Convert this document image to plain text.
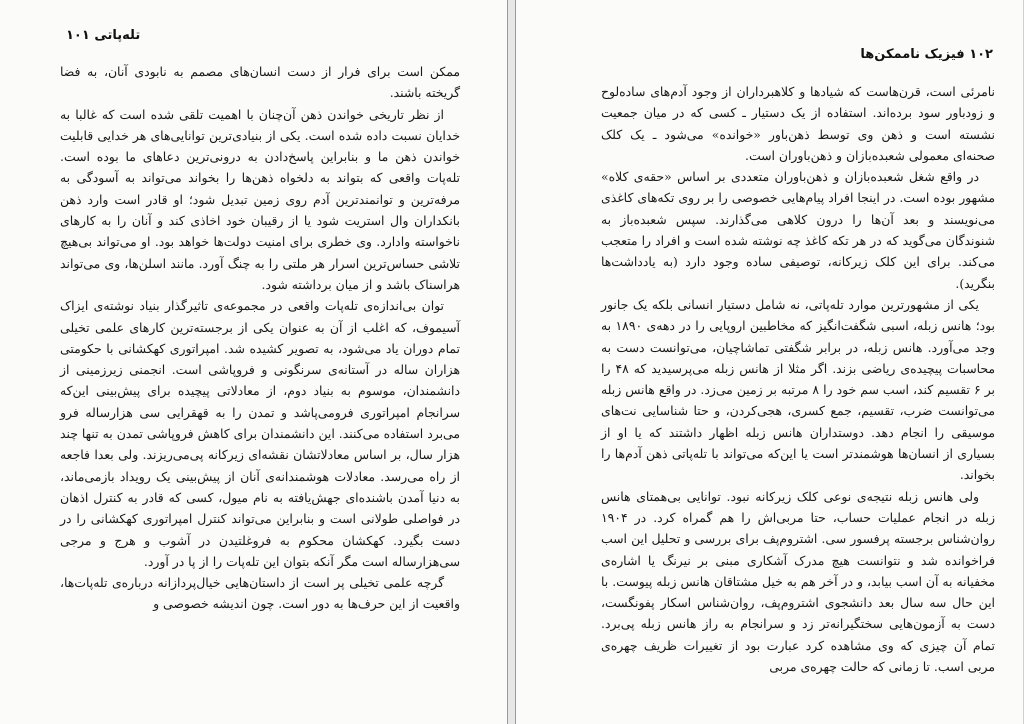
تله‌پاتی ۱۰۱

ممکن است برای فرار از دست انسان‌های مصمم به نابودی آنان، به فضا گریخته باشند.

از نظر تاریخی خواندن ذهن آن‌چنان با اهمیت تلقی شده است که غالبا به خدایان نسبت داده شده است. یکی از بنیادی‌ترین توانایی‌های هر خدایی قابلیت خواندن ذهن ما و بنابراین پاسخ‌دادن به درونی‌ترین دعاهای ما بوده است. تله‌پات واقعی که بتواند به دلخواه ذهن‌ها را بخواند می‌تواند به آسودگی به مرفه‌ترین و توانمندترین آدم روی زمین تبدیل شود؛ او قادر است وارد ذهن بانکداران وال استریت شود یا از رقیبان خود اخاذی کند و آنان را به کارهای ناخواسته وادارد. وی خطری برای امنیت دولت‌ها خواهد بود. او می‌تواند بی‌هیچ تلاشی حساس‌ترین اسرار هر ملتی را به چنگ آورد. مانند اسلن‌ها، وی می‌تواند هراسناک باشد و از میان برداشته شود.

توان بی‌اندازه‌ی تله‌پات واقعی در مجموعه‌ی تاثیرگذار بنیاد نوشته‌ی ایزاک آسیموف، که اغلب از آن به عنوان یکی از برجسته‌ترین کارهای علمی تخیلی تمام دوران یاد می‌شود، به تصویر کشیده شد. امپراتوری کهکشانی با حکومتی هزاران ساله در آستانه‌ی سرنگونی و فروپاشی است. انجمنی زیرزمینی از دانشمندان، موسوم به بنیاد دوم، از معادلاتی پیچیده برای پیش‌بینی این‌که سرانجام امپراتوری فرومی‌پاشد و تمدن را به قهقرایی سی هزارساله فرو می‌برد استفاده می‌کنند. این دانشمندان برای کاهش فروپاشی تمدن به تنها چند هزار سال، بر اساس معادلاتشان نقشه‌ای زیرکانه پی‌می‌ریزند. ولی بعدا فاجعه از راه می‌رسد. معادلات هوشمندانه‌ی آنان از پیش‌بینی یک رویداد بازمی‌ماند، به دنیا آمدن باشنده‌ای جهش‌یافته به نام میول، کسی که قادر به کنترل اذهان در فواصلی طولانی است و بنابراین می‌تواند کنترل امپراتوری کهکشانی را در دست بگیرد. کهکشان محکوم به فروغلتیدن در آشوب و هرج و مرجی سی‌هزارساله است مگر آنکه بتوان این تله‌پات را از پا در آورد.

گرچه علمی تخیلی پر است از داستان‌هایی خیال‌پردازانه درباره‌ی تله‌پات‌ها، واقعیت از این حرف‌ها به دور است. چون اندیشه خصوصی و

۱۰۲ فیزیک ناممکن‌ها

نامرئی است، قرن‌هاست که شیادها و کلاهبرداران از وجود آدم‌های ساده‌لوح و زودباور سود برده‌اند. استفاده از یک دستیار ـ کسی که در میان جمعیت نشسته است و ذهن وی توسط ذهن‌باور «خوانده» می‌شود ـ یک کلک صحنه‌ای معمولی شعبده‌بازان و ذهن‌باوران است.

در واقع شغل شعبده‌بازان و ذهن‌باوران متعددی بر اساس «حقه‌ی کلاه» مشهور بوده است. در اینجا افراد پیام‌هایی خصوصی را بر روی تکه‌های کاغذی می‌نویسند و بعد آن‌ها را درون کلاهی می‌گذارند. سپس شعبده‌باز به شنوندگان می‌گوید که در هر تکه کاغذ چه نوشته شده است و افراد را متعجب می‌کند. برای این کلک زیرکانه، توصیفی ساده وجود دارد (به یادداشت‌ها بنگرید).

یکی از مشهورترین موارد تله‌پاتی، نه شامل دستیار انسانی بلکه یک جانور بود؛ هانس زبله، اسبی شگفت‌انگیز که مخاطبین اروپایی را در دهه‌ی ۱۸۹۰ به وجد می‌آورد. هانس زبله، در برابر شگفتی تماشاچیان، می‌توانست دست به محاسبات پیچیده‌ی ریاضی بزند. اگر مثلا از هانس زبله می‌پرسیدید که ۴۸ را بر ۶ تقسیم کند، اسب سم خود را ۸ مرتبه بر زمین می‌زد. در واقع هانس زبله می‌توانست ضرب، تقسیم، جمع کسری، هجی‌کردن، و حتا شناسایی نت‌های موسیقی را انجام دهد. دوستداران هانس زبله اظهار داشتند که یا او از بسیاری از انسان‌ها هوشمندتر است یا این‌که می‌تواند با تله‌پاتی ذهن آدم‌ها را بخواند.

ولی هانس زبله نتیجه‌ی نوعی کلک زیرکانه نبود. توانایی بی‌همتای هانس زبله در انجام عملیات حساب، حتا مربی‌اش را هم گمراه کرد. در ۱۹۰۴ روان‌شناس برجسته پرفسور سی. اشتروم‌پف برای بررسی و تحلیل این اسب فراخوانده شد و نتوانست هیچ مدرک آشکاری مبنی بر نیرنگ یا اشاره‌ی مخفیانه به آن اسب بیابد، و در آخر هم به خیل مشتاقان هانس زبله پیوست. با این حال سه سال بعد دانشجوی اشتروم‌پف، روان‌شناس اسکار پفونگست، دست به آزمون‌هایی سختگیرانه‌تر زد و سرانجام به راز هانس زبله پی‌برد. تمام آن چیزی که وی مشاهده کرد عبارت بود از تغییرات ظریف چهره‌ی مربی اسب. تا زمانی که حالت چهره‌ی مربی
